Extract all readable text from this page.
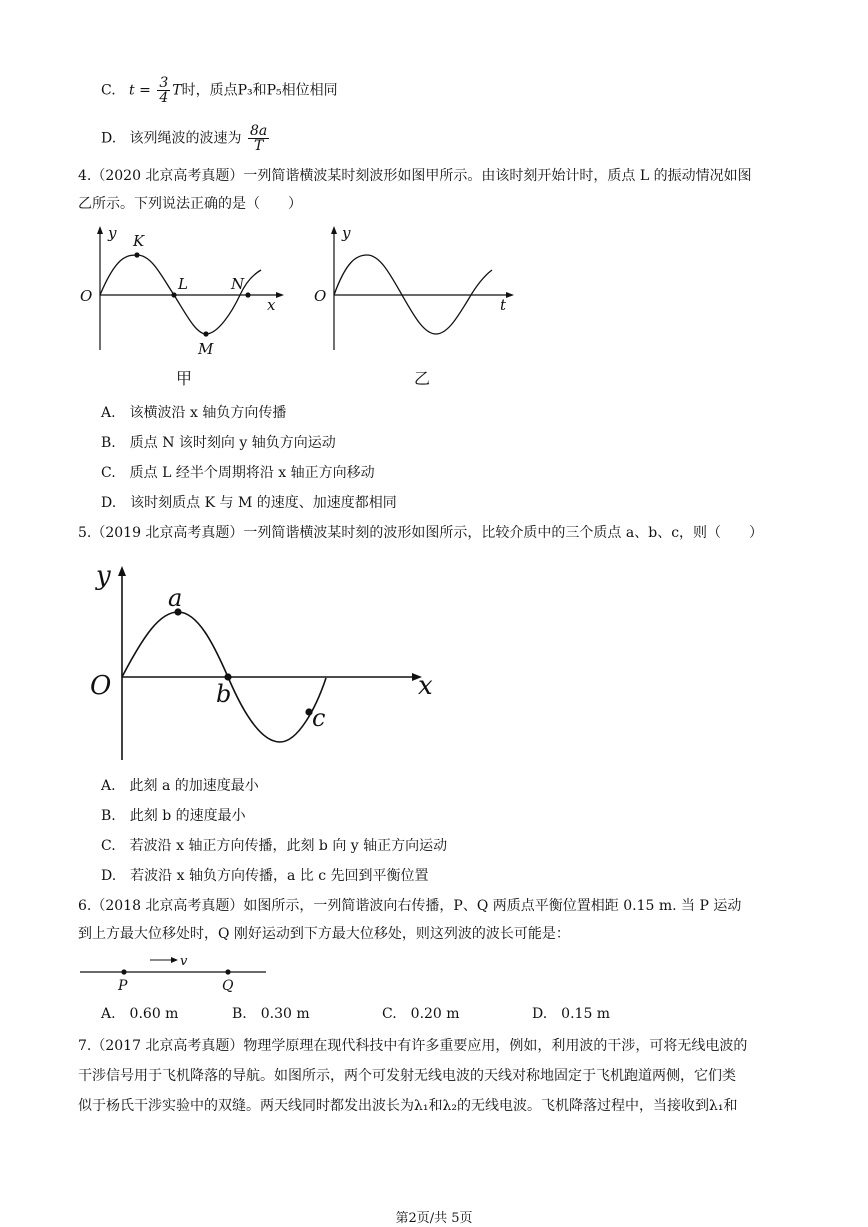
C. $t = \frac{3}{4}$ T时，质点P₃和P₅相位相同
D. 该列绳波的波速为 $\frac{8a}{T}$
4.（2020 北京高考真题）一列简谐横波某时刻波形如图甲所示。由该时刻开始计时，质点 L 的振动情况如图
乙所示。下列说法正确的是（　　）
y K
O
L	N
x
M
甲
y
O	t
乙
A.　该横波沿 x 轴负方向传播
B.　质点 N 该时刻向 y 轴负方向运动
C.　质点 L 经半个周期将沿 x 轴正方向移动
D.　该时刻质点 K 与 M 的速度、加速度都相同
5.（2019 北京高考真题）一列简谐横波某时刻的波形如图所示，比较介质中的三个质点 a、b、c，则（　　）
y
a
O	b	x
c
A.　此刻 a 的加速度最小
B.　此刻 b 的速度最小
C.　若波沿 x 轴正方向传播，此刻 b 向 y 轴正方向运动
D.　若波沿 x 轴负方向传播，a 比 c 先回到平衡位置
6.（2018 北京高考真题）如图所示，一列简谐波向右传播，P、Q 两质点平衡位置相距 0.15 m. 当 P 运动
到上方最大位移处时，Q 刚好运动到下方最大位移处，则这列波的波长可能是：
v
P	Q
A.　0.60 m	B.　0.30 m	C.　0.20 m	D.　0.15 m
7.（2017 北京高考真题）物理学原理在现代科技中有许多重要应用，例如，利用波的干涉，可将无线电波的
干涉信号用于飞机降落的导航。如图所示，两个可发射无线电波的天线对称地固定于飞机跑道两侧，它们类
似于杨氏干涉实验中的双缝。两天线同时都发出波长为λ₁和λ₂的无线电波。飞机降落过程中，当接收到λ₁和
第2页/共 5页
